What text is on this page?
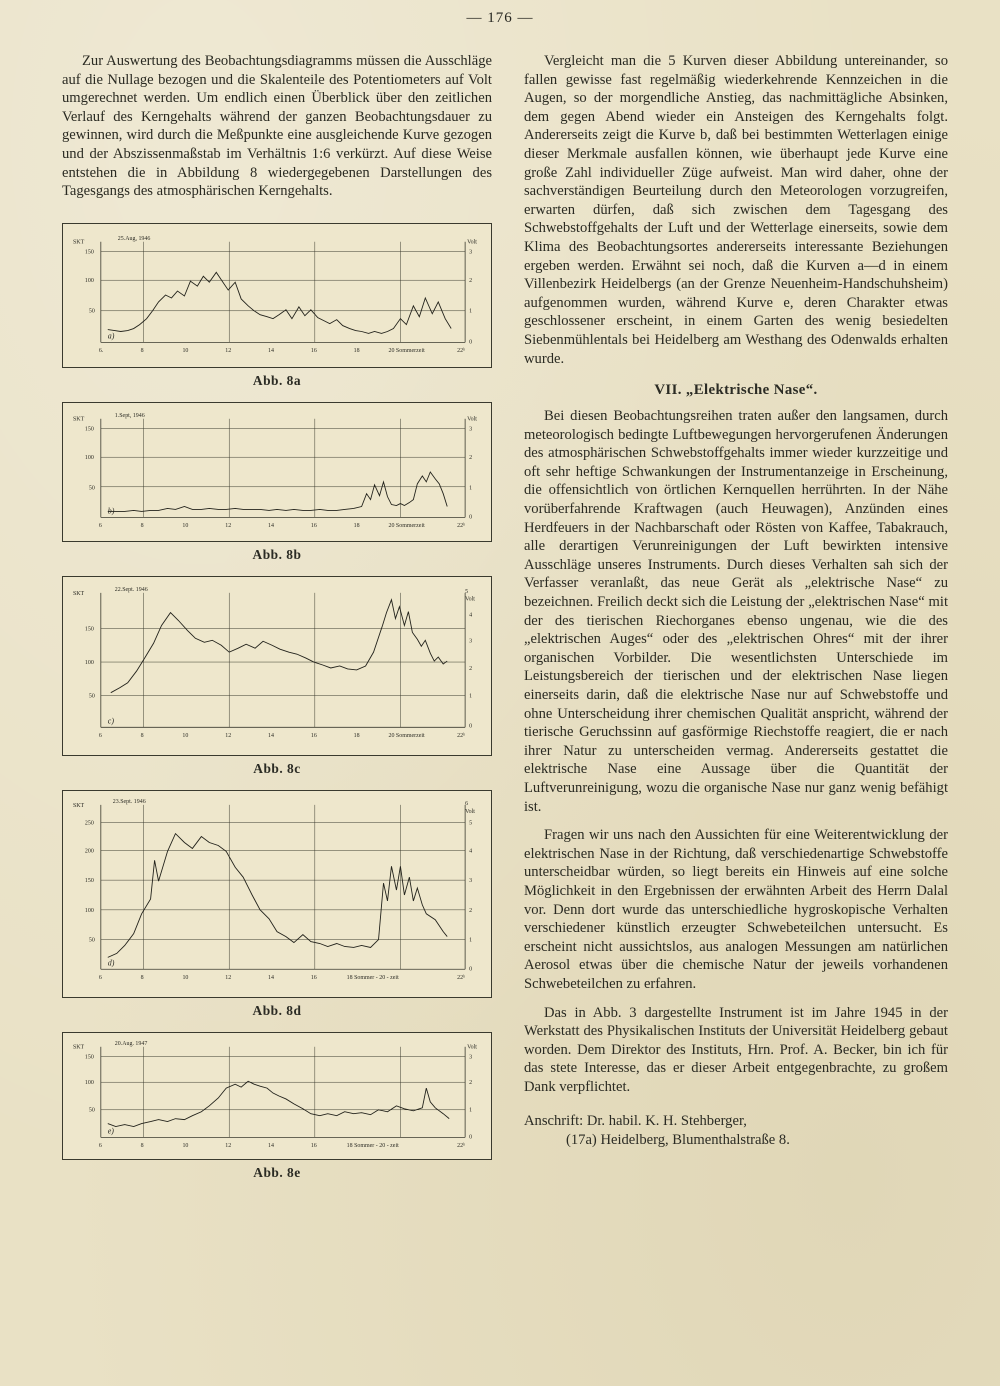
— 176 —

Zur Auswertung des Beobachtungsdiagramms müssen die Ausschläge auf die Nullage bezogen und die Skalenteile des Potentiometers auf Volt umgerechnet werden. Um endlich einen Überblick über den zeitlichen Verlauf des Kerngehalts während der ganzen Beobachtungsdauer zu gewinnen, wird durch die Meßpunkte eine ausgleichende Kurve gezogen und der Abszissenmaßstab im Verhältnis 1:6 verkürzt. Auf diese Weise entstehen die in Abbildung 8 wiedergegebenen Darstellungen des Tagesgangs des atmosphärischen Kerngehalts.

SKT	Volt
150
100
50
3
2
1
0
6.	8	10	12	14	16	18	20 Sommerzeit	22ʰ
25.Aug, 1946
a)
Abb. 8a
SKT	Volt
150
100
50
3
2
1
0
6	8	10	12	14	16	18	20 Sommerzeit	22ʰ
1.Sept, 1946
b)
Abb. 8b
SKT	5
Volt
150
100
50
4
3
2
1
0
6	8	10	12	14	16	18	20 Sommerzeit	22ʰ
22.Sept. 1946
c)
Abb. 8c
SKT	6
Volt
250
200
150
100
50
5
4
3
2
1
0
6	8	10	12	14	16	18 Sommer - 20 - zeit	22ʰ
23.Sept. 1946
d)
Abb. 8d
SKT	Volt
150
100
50
3
2
1
0
6	8	10	12	14	16	18 Sommer - 20 - zeit	22ʰ
20.Aug. 1947
e)
Abb. 8e

Vergleicht man die 5 Kurven dieser Abbildung untereinander, so fallen gewisse fast regelmäßig wiederkehrende Kennzeichen in die Augen, so der morgendliche Anstieg, das nachmittägliche Absinken, dem gegen Abend wieder ein Ansteigen des Kerngehalts folgt. Andererseits zeigt die Kurve b, daß bei bestimmten Wetterlagen einige dieser Merkmale ausfallen können, wie überhaupt jede Kurve eine große Zahl individueller Züge aufweist. Man wird daher, ohne der sachverständigen Beurteilung durch den Meteorologen vorzugreifen, erwarten dürfen, daß sich zwischen dem Tagesgang des Schwebstoffgehalts der Luft und der Wetterlage einerseits, sowie dem Klima des Beobachtungsortes andererseits interessante Beziehungen ergeben werden. Erwähnt sei noch, daß die Kurven a—d in einem Villenbezirk Heidelbergs (an der Grenze Neuenheim-Handschuhsheim) aufgenommen wurden, während Kurve e, deren Charakter etwas geschlossener erscheint, in einem Garten des wenig besiedelten Siebenmühlentals bei Heidelberg am Westhang des Odenwalds erhalten wurde.

VII. „Elektrische Nase“.

Bei diesen Beobachtungsreihen traten außer den langsamen, durch meteorologisch bedingte Luftbewegungen hervorgerufenen Änderungen des atmosphärischen Schwebstoffgehalts immer wieder kurzzeitige und oft sehr heftige Schwankungen der Instrumentanzeige in Erscheinung, die offensichtlich von örtlichen Kernquellen herrührten. In der Nähe vorüberfahrende Kraftwagen (auch Heuwagen), Anzünden eines Herdfeuers in der Nachbarschaft oder Rösten von Kaffee, Tabakrauch, alle derartigen Verunreinigungen der Luft bewirkten intensive Ausschläge unseres Instruments. Durch dieses Verhalten sah sich der Verfasser veranlaßt, das neue Gerät als „elektrische Nase“ zu bezeichnen. Freilich deckt sich die Leistung der „elektrischen Nase“ mit der des tierischen Riechorganes ebenso ungenau, wie die des „elektrischen Auges“ oder des „elektrischen Ohres“ mit der ihrer organischen Vorbilder. Die wesentlichsten Unterschiede im Leistungsbereich der tierischen und der elektrischen Nase liegen einerseits darin, daß die elektrische Nase nur auf Schwebstoffe und ohne Unterscheidung ihrer chemischen Qualität anspricht, während der tierische Geruchssinn auf gasförmige Riechstoffe reagiert, die er nach ihrer Natur zu unterscheiden vermag. Andererseits gestattet die elektrische Nase eine Aussage über die Quantität der Luftverunreinigung, wozu die organische Nase nur ganz wenig befähigt ist.

Fragen wir uns nach den Aussichten für eine Weiterentwicklung der elektrischen Nase in der Richtung, daß verschiedenartige Schwebstoffe unterscheidbar würden, so liegt bereits ein Hinweis auf eine solche Möglichkeit in den Ergebnissen der erwähnten Arbeit des Herrn Dalal vor. Denn dort wurde das unterschiedliche hygroskopische Verhalten verschiedener künstlich erzeugter Schwebeteilchen untersucht. Es erscheint nicht aussichtslos, aus analogen Messungen am natürlichen Aerosol etwas über die chemische Natur der jeweils vorhandenen Schwebeteilchen zu erfahren.

Das in Abb. 3 dargestellte Instrument ist im Jahre 1945 in der Werkstatt des Physikalischen Instituts der Universität Heidelberg gebaut worden. Dem Direktor des Instituts, Hrn. Prof. A. Becker, bin ich für das stete Interesse, das er dieser Arbeit entgegenbrachte, zu großem Dank verpflichtet.

Anschrift: Dr. habil. K. H. Stehberger,
(17a) Heidelberg, Blumenthalstraße 8.
